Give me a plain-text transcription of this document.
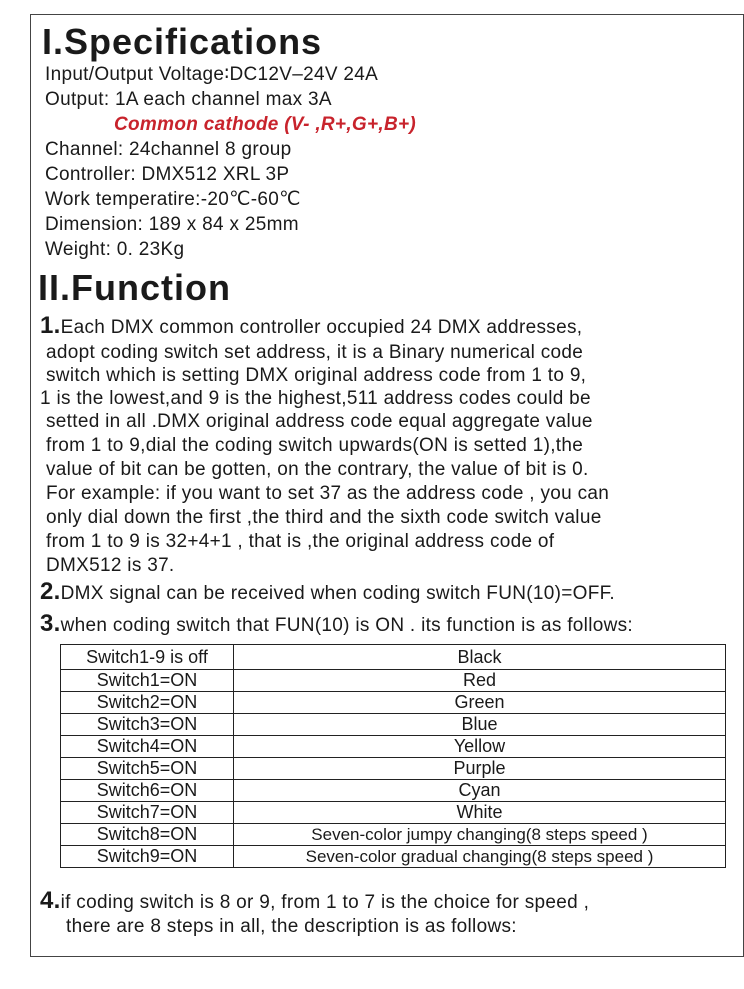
I.Specifications
Input/Output Voltage∶DC12V–24V 24A
Output: 1A each channel max 3A
Common cathode (V- ,R+,G+,B+)
Channel: 24channel 8 group
Controller: DMX512 XRL 3P
Work temperatire:-20℃-60℃
Dimension: 189 x 84 x 25mm
Weight: 0. 23Kg
II.Function
1.Each DMX common controller occupied 24 DMX addresses,
adopt coding switch set address, it is a Binary numerical code
switch which is setting DMX original address code from 1 to 9,
1 is the lowest,and 9 is the highest,511 address codes could be
setted in all .DMX original address code equal aggregate value
from 1 to 9,dial the coding switch upwards(ON is setted 1),the
value of bit can be gotten, on the contrary, the value of bit is 0.
For example: if you want to set 37 as the address code , you can
only dial down the first ,the third and the sixth code switch value
from 1 to 9 is 32+4+1 , that is ,the original address code of
DMX512 is 37.
2.DMX signal can be received when coding switch FUN(10)=OFF.
3.when coding switch that FUN(10) is ON . its function is as follows:
Switch1-9 is off	Black
Switch1=ON	Red
Switch2=ON	Green
Switch3=ON	Blue
Switch4=ON	Yellow
Switch5=ON	Purple
Switch6=ON	Cyan
Switch7=ON	White
Switch8=ON	Seven-color jumpy changing(8 steps speed )
Switch9=ON	Seven-color gradual changing(8 steps speed )
4.if coding switch is 8 or 9, from 1 to 7 is the choice for speed ,
there are 8 steps in all, the description is as follows:
